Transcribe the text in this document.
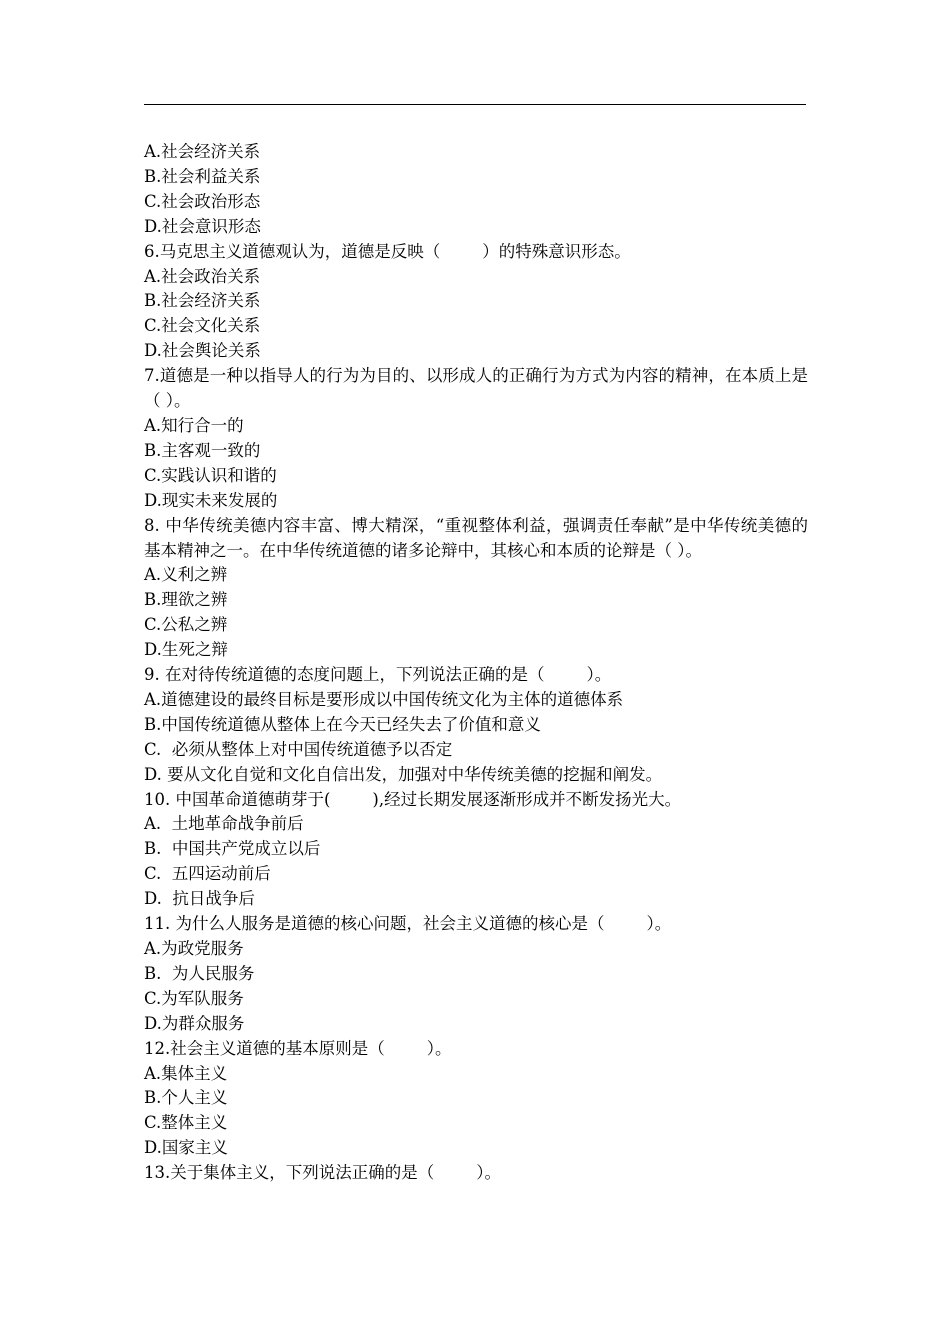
A.社会经济关系

B.社会利益关系

C.社会政治形态

D.社会意识形态

6.马克思主义道德观认为，道德是反映（        ）的特殊意识形态。

A.社会政治关系

B.社会经济关系

C.社会文化关系

D.社会舆论关系

7.道德是一种以指导人的行为为目的、以形成人的正确行为方式为内容的精神，在本质上是（ ）。

A.知行合一的

B.主客观一致的

C.实践认识和谐的

D.现实未来发展的

8. 中华传统美德内容丰富、博大精深，“重视整体利益，强调责任奉献”是中华传统美德的基本精神之一。在中华传统道德的诸多论辩中，其核心和本质的论辩是（ ）。

A.义利之辨

B.理欲之辨

C.公私之辨

D.生死之辩

9. 在对待传统道德的态度问题上，下列说法正确的是（        ）。

A.道德建设的最终目标是要形成以中国传统文化为主体的道德体系

B.中国传统道德从整体上在今天已经失去了价值和意义

C.  必须从整体上对中国传统道德予以否定

D. 要从文化自觉和文化自信出发，加强对中华传统美德的挖掘和阐发。

10. 中国革命道德萌芽于(        ),经过长期发展逐渐形成并不断发扬光大。

A.  土地革命战争前后

B.  中国共产党成立以后

C.  五四运动前后

D.  抗日战争后

11. 为什么人服务是道德的核心问题，社会主义道德的核心是（        ）。

A.为政党服务

B.  为人民服务

C.为军队服务

D.为群众服务

12.社会主义道德的基本原则是（        ）。

A.集体主义

B.个人主义

C.整体主义

D.国家主义

13.关于集体主义，下列说法正确的是（        ）。
